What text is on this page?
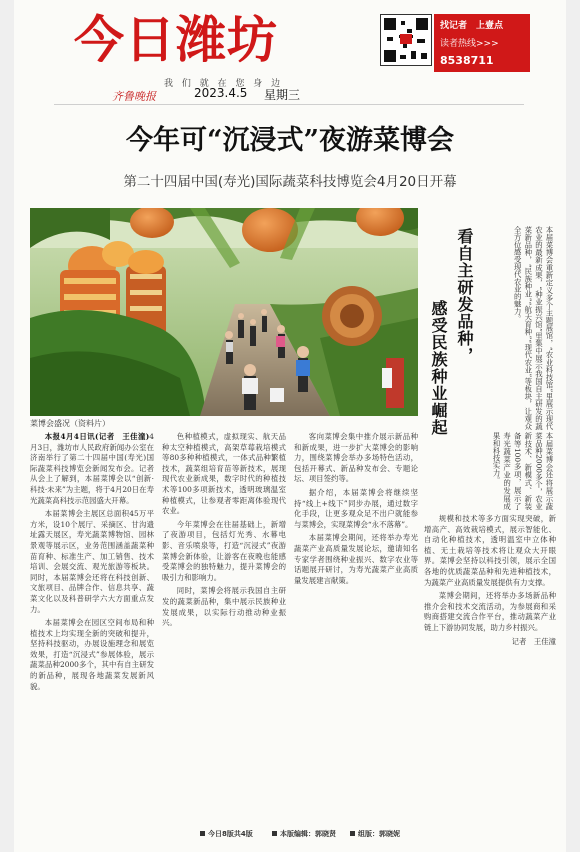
今日潍坊
我 们 就 在 您 身 边
齐鲁晚报	2023.4.5 星期三
找记者　上壹点
读者热线>>>
8538711
今年可“沉浸式”夜游菜博会
第二十四届中国(寿光)国际蔬菜科技博览会4月20日开幕
菜博会盛况（资料片）
看自主研发品种，
感受民族种业崛起	本届菜博会重新定义多个主题展馆，“农业科技馆”里展示现代农业的最新成果，“种业振兴馆”里集中展示我国自主研发的蔬菜新品种，“民族种业”“航天育种”“现代农业”等板块，让观众全方位感受现代农业的魅力。
本届菜博会还将展示蔬菜品种2000多个，农业新技术、新模式、新装备等100多项，展示了寿光蔬菜产业的发展成果和科技实力。

本报4月4日讯(记者　王佳潼)4月3日，潍坊市人民政府新闻办公室在济南举行了第二十四届中国(寿光)国际蔬菜科技博览会新闻发布会。记者从会上了解到，本届菜博会以“创新·科技·未来”为主题，将于4月20日在寿光蔬菜高科技示范园盛大开幕。

本届菜博会主展区总面积45万平方米，设10个展厅、采摘区、甘沟遗址露天展区，寿光蔬菜博物馆、园林景观等展示区，业务范围涵盖蔬菜种苗育种、标准生产、加工销售、技术培训、会展交流、观光旅游等板块。同时，本届菜博会还将在科技创新、文旅项目、品牌合作、信息共享、蔬菜文化以及科普研学六大方面重点发力。

本届菜博会在园区空间布局和种植技术上均实现全新的突破和提升，坚持科技驱动，办展设施理念和展览效果，打造“沉浸式”参展体验，展示蔬菜品种2000多个，其中有自主研发的新品种，展现各地蔬菜发展新风貌。

色种植模式，虚拟现实、航天品种太空种植模式，高架草莓栽培模式等80多种种植模式，一体式品种繁植技术，蔬菜组培育苗等新技术，展现现代农业新成果，数字时代的种植技术等100多项新技术，透明玻璃温室种植模式，让参观者零距离体验现代农业。

今年菜博会在往届基础上，新增了夜游项目，包括灯光秀、水幕电影、音乐喷泉等，打造“沉浸式”夜游菜博会新体验，让游客在夜晚也能感受菜博会的独特魅力，提升菜博会的吸引力和影响力。

同时，菜博会将展示我国自主研发的蔬菜新品种，集中展示民族种业发展成果，以实际行动推动种业振兴。

客向菜博会集中推介展示新品种和新成果，进一步扩大菜博会的影响力，围绕菜博会举办多场特色活动，包括开幕式、新品种发布会、专题论坛、项目签约等。

据介绍，本届菜博会将继续坚持“线上+线下”同步办展，通过数字化手段，让更多观众足不出户就能参与菜博会，实现菜博会“永不落幕”。

本届菜博会期间，还将举办寿光蔬菜产业高质量发展论坛，邀请知名专家学者围绕种业振兴、数字农业等话题展开研讨，为寿光蔬菜产业高质量发展建言献策。

规模和技术等多方面实现突破，新增高产、高效栽培模式，展示智能化、自动化种植技术，透明温室中立体种植、无土栽培等技术将让观众大开眼界。菜博会坚持以科技引领，展示全国各地的优质蔬菜品种和先进种植技术，为蔬菜产业高质量发展提供有力支撑。

菜博会期间，还将举办多场新品种推介会和技术交流活动，为参展商和采购商搭建交流合作平台，推动蔬菜产业链上下游协同发展，助力乡村振兴。

记者　王佳潼

今日8版共4版	本版编辑：郭晓贤	组版：郭晓妮
